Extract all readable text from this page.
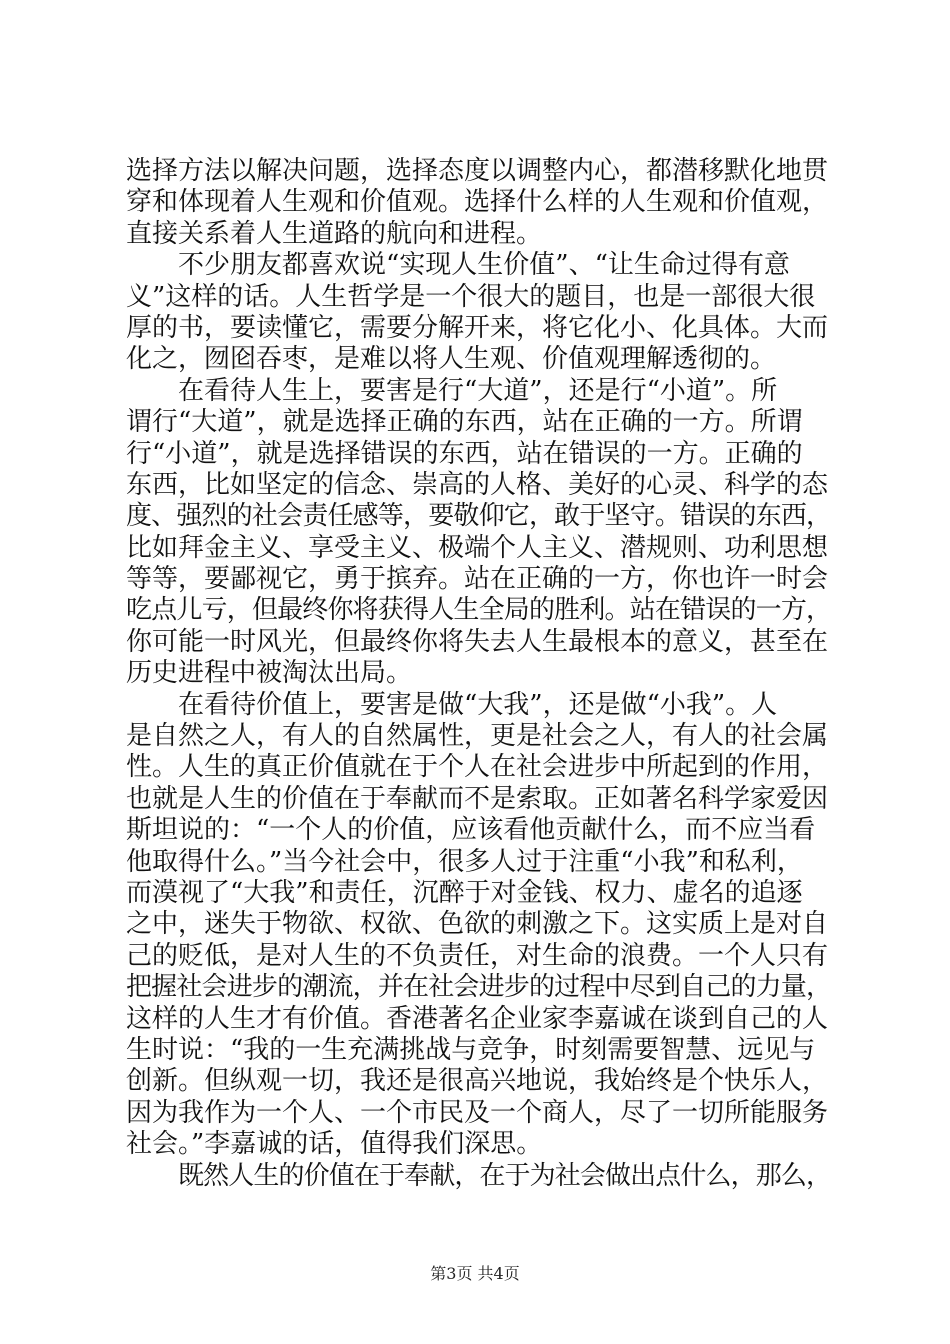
选择方法以解决问题，选择态度以调整内心，都潜移默化地贯
穿和体现着人生观和价值观。选择什么样的人生观和价值观，
直接关系着人生道路的航向和进程。
不少朋友都喜欢说“实现人生价值”、“让生命过得有意
义”这样的话。人生哲学是一个很大的题目，也是一部很大很
厚的书，要读懂它，需要分解开来，将它化小、化具体。大而
化之，囫囵吞枣，是难以将人生观、价值观理解透彻的。
在看待人生上，要害是行“大道”，还是行“小道”。所
谓行“大道”，就是选择正确的东西，站在正确的一方。所谓
行“小道”，就是选择错误的东西，站在错误的一方。正确的
东西，比如坚定的信念、崇高的人格、美好的心灵、科学的态
度、强烈的社会责任感等，要敬仰它，敢于坚守。错误的东西，
比如拜金主义、享受主义、极端个人主义、潜规则、功利思想
等等，要鄙视它，勇于摈弃。站在正确的一方，你也许一时会
吃点儿亏，但最终你将获得人生全局的胜利。站在错误的一方，
你可能一时风光，但最终你将失去人生最根本的意义，甚至在
历史进程中被淘汰出局。
在看待价值上，要害是做“大我”，还是做“小我”。人
是自然之人，有人的自然属性，更是社会之人，有人的社会属
性。人生的真正价值就在于个人在社会进步中所起到的作用，
也就是人生的价值在于奉献而不是索取。正如著名科学家爱因
斯坦说的：“一个人的价值，应该看他贡献什么，而不应当看
他取得什么。”当今社会中，很多人过于注重“小我”和私利，
而漠视了“大我”和责任，沉醉于对金钱、权力、虚名的追逐
之中，迷失于物欲、权欲、色欲的刺激之下。这实质上是对自
己的贬低，是对人生的不负责任，对生命的浪费。一个人只有
把握社会进步的潮流，并在社会进步的过程中尽到自己的力量，
这样的人生才有价值。香港著名企业家李嘉诚在谈到自己的人
生时说：“我的一生充满挑战与竞争，时刻需要智慧、远见与
创新。但纵观一切，我还是很高兴地说，我始终是个快乐人，
因为我作为一个人、一个市民及一个商人，尽了一切所能服务
社会。”李嘉诚的话，值得我们深思。
既然人生的价值在于奉献，在于为社会做出点什么，那么，
第3页 共4页
